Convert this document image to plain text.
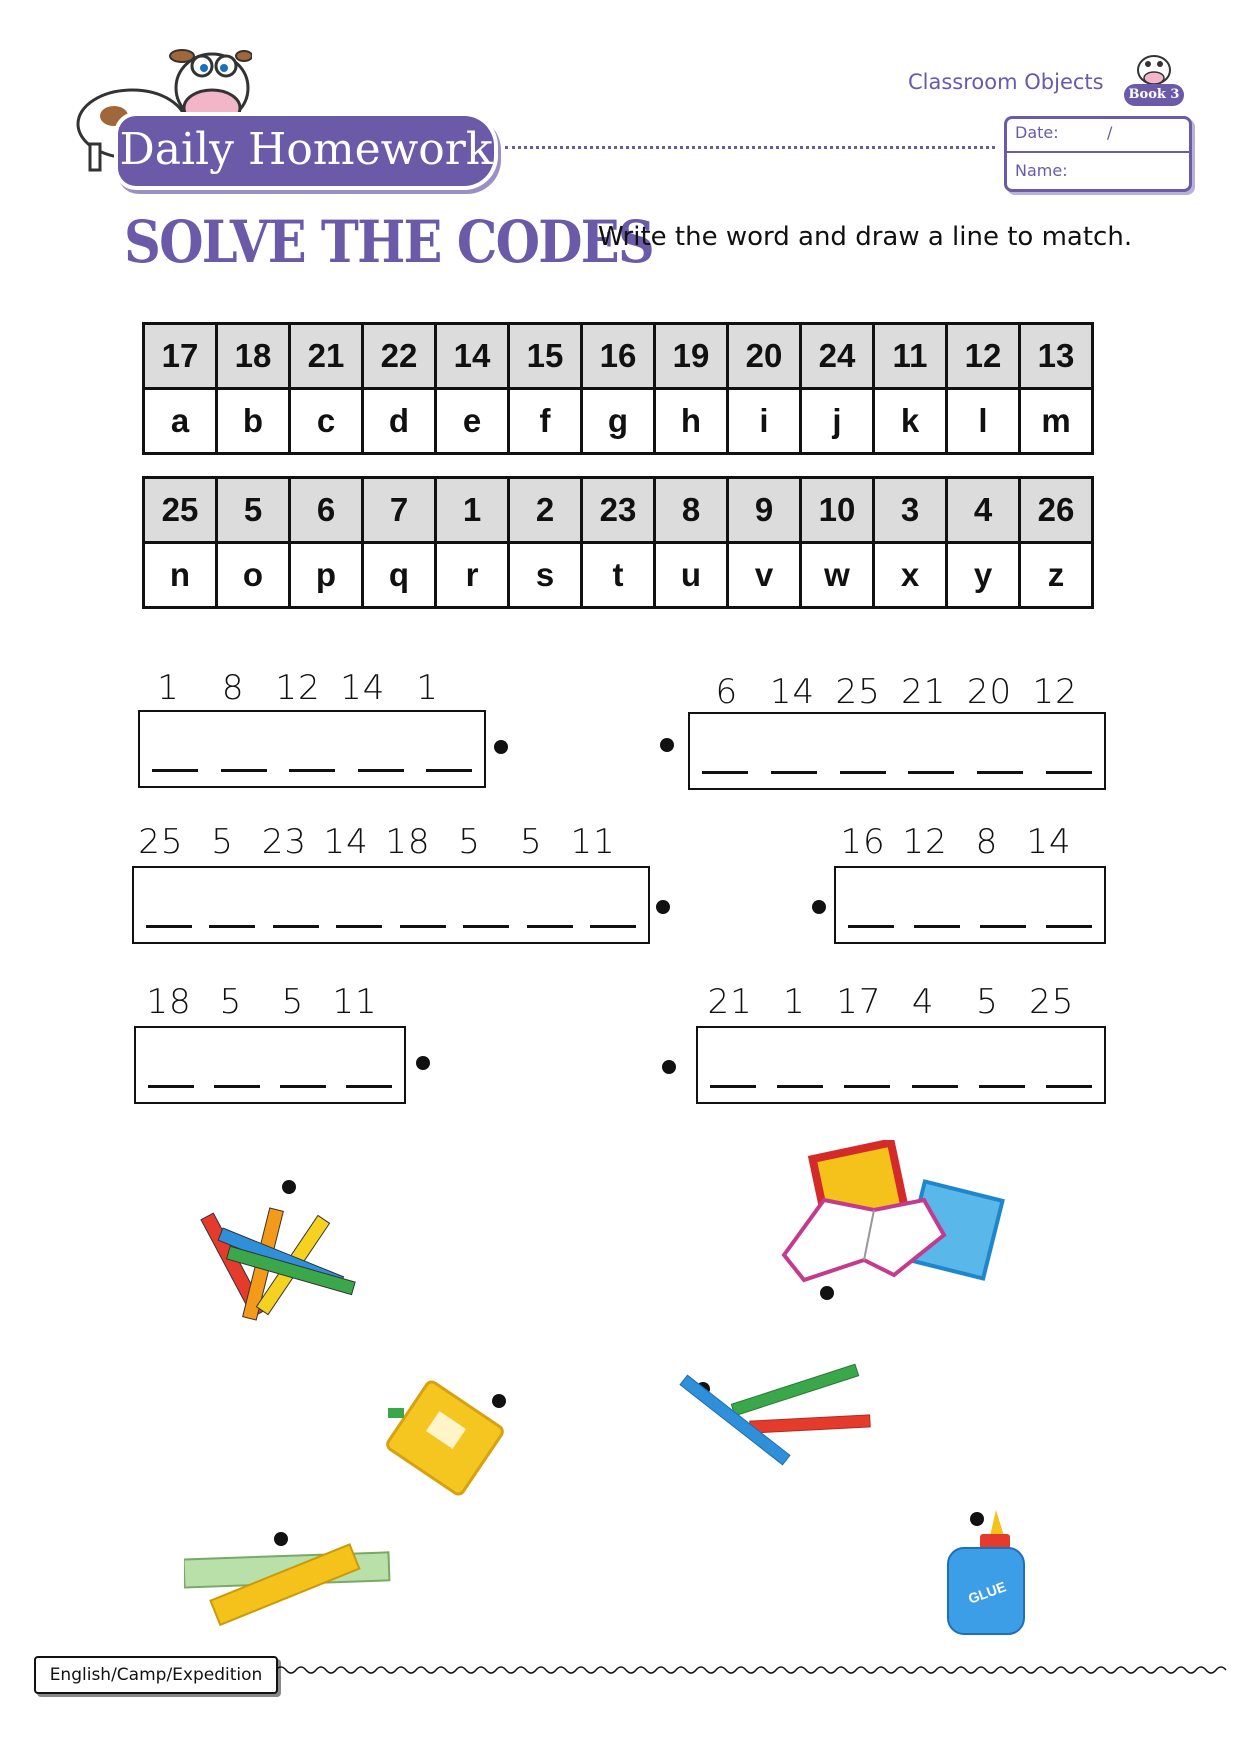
Daily Homework
Classroom Objects
Book 3
Date:	/
Name:
SOLVE THE CODES
Write the word and draw a line to match.
17	18	21	22	14	15	16	19	20	24	11	12	13
a	b	c	d	e	f	g	h	i	j	k	l	m
25	5	6	7	1	2	23	8	9	10	3	4	26
n	o	p	q	r	s	t	u	v	w	x	y	z
1 8 12 14 1	6 14 25 21 20 12
25 5 23 14 18 5 5 11	16 12 8 14
18 5 5 11	21 1 17 4 5 25
GLUE
English/Camp/Expedition
